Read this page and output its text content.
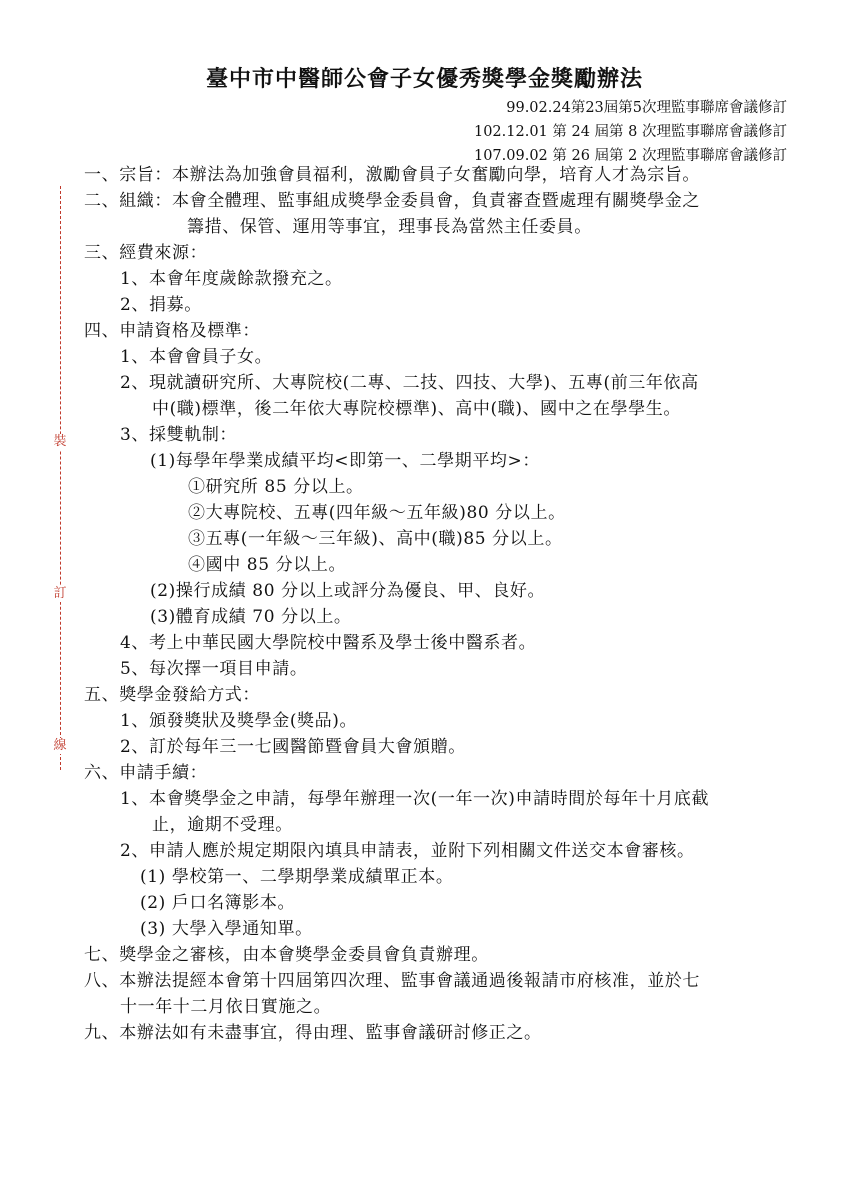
裝
訂
線
臺中市中醫師公會子女優秀獎學金獎勵辦法
99.02.24第23屆第5次理監事聯席會議修訂
102.12.01 第 24 屆第 8 次理監事聯席會議修訂
107.09.02 第 26 屆第 2 次理監事聯席會議修訂
一、宗旨：本辦法為加強會員福利，激勵會員子女奮勵向學，培育人才為宗旨。
二、組織：本會全體理、監事組成獎學金委員會，負責審查暨處理有關獎學金之
籌措、保管、運用等事宜，理事長為當然主任委員。
三、經費來源：
1、本會年度歲餘款撥充之。
2、捐募。
四、申請資格及標準：
1、本會會員子女。
2、現就讀研究所、大專院校(二專、二技、四技、大學)、五專(前三年依高
中(職)標準，後二年依大專院校標準)、高中(職)、國中之在學學生。
3、採雙軌制：
(1)每學年學業成績平均<即第一、二學期平均>：
①研究所 85 分以上。
②大專院校、五專(四年級～五年級)80 分以上。
③五專(一年級～三年級)、高中(職)85 分以上。
④國中 85 分以上。
(2)操行成績 80 分以上或評分為優良、甲、良好。
(3)體育成績 70 分以上。
4、考上中華民國大學院校中醫系及學士後中醫系者。
5、每次擇一項目申請。
五、獎學金發給方式：
1、頒發獎狀及獎學金(獎品)。
2、訂於每年三一七國醫節暨會員大會頒贈。
六、申請手續：
1、本會獎學金之申請，每學年辦理一次(一年一次)申請時間於每年十月底截
止，逾期不受理。
2、申請人應於規定期限內填具申請表，並附下列相關文件送交本會審核。
(1) 學校第一、二學期學業成績單正本。
(2) 戶口名簿影本。
(3) 大學入學通知單。
七、獎學金之審核，由本會獎學金委員會負責辦理。
八、本辦法提經本會第十四屆第四次理、監事會議通過後報請市府核准，並於七
十一年十二月依日實施之。
九、本辦法如有未盡事宜，得由理、監事會議研討修正之。
